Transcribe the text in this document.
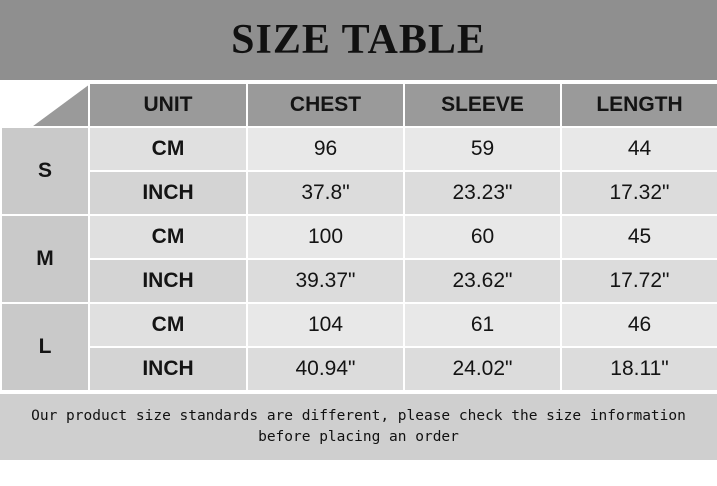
SIZE TABLE
	UNIT	CHEST	SLEEVE	LENGTH
S	CM	96	59	44
	INCH	37.8"	23.23"	17.32"
M	CM	100	60	45
	INCH	39.37"	23.62"	17.72"
L	CM	104	61	46
	INCH	40.94"	24.02"	18.11"
Our product size standards are different, please check the size information
before placing an order
